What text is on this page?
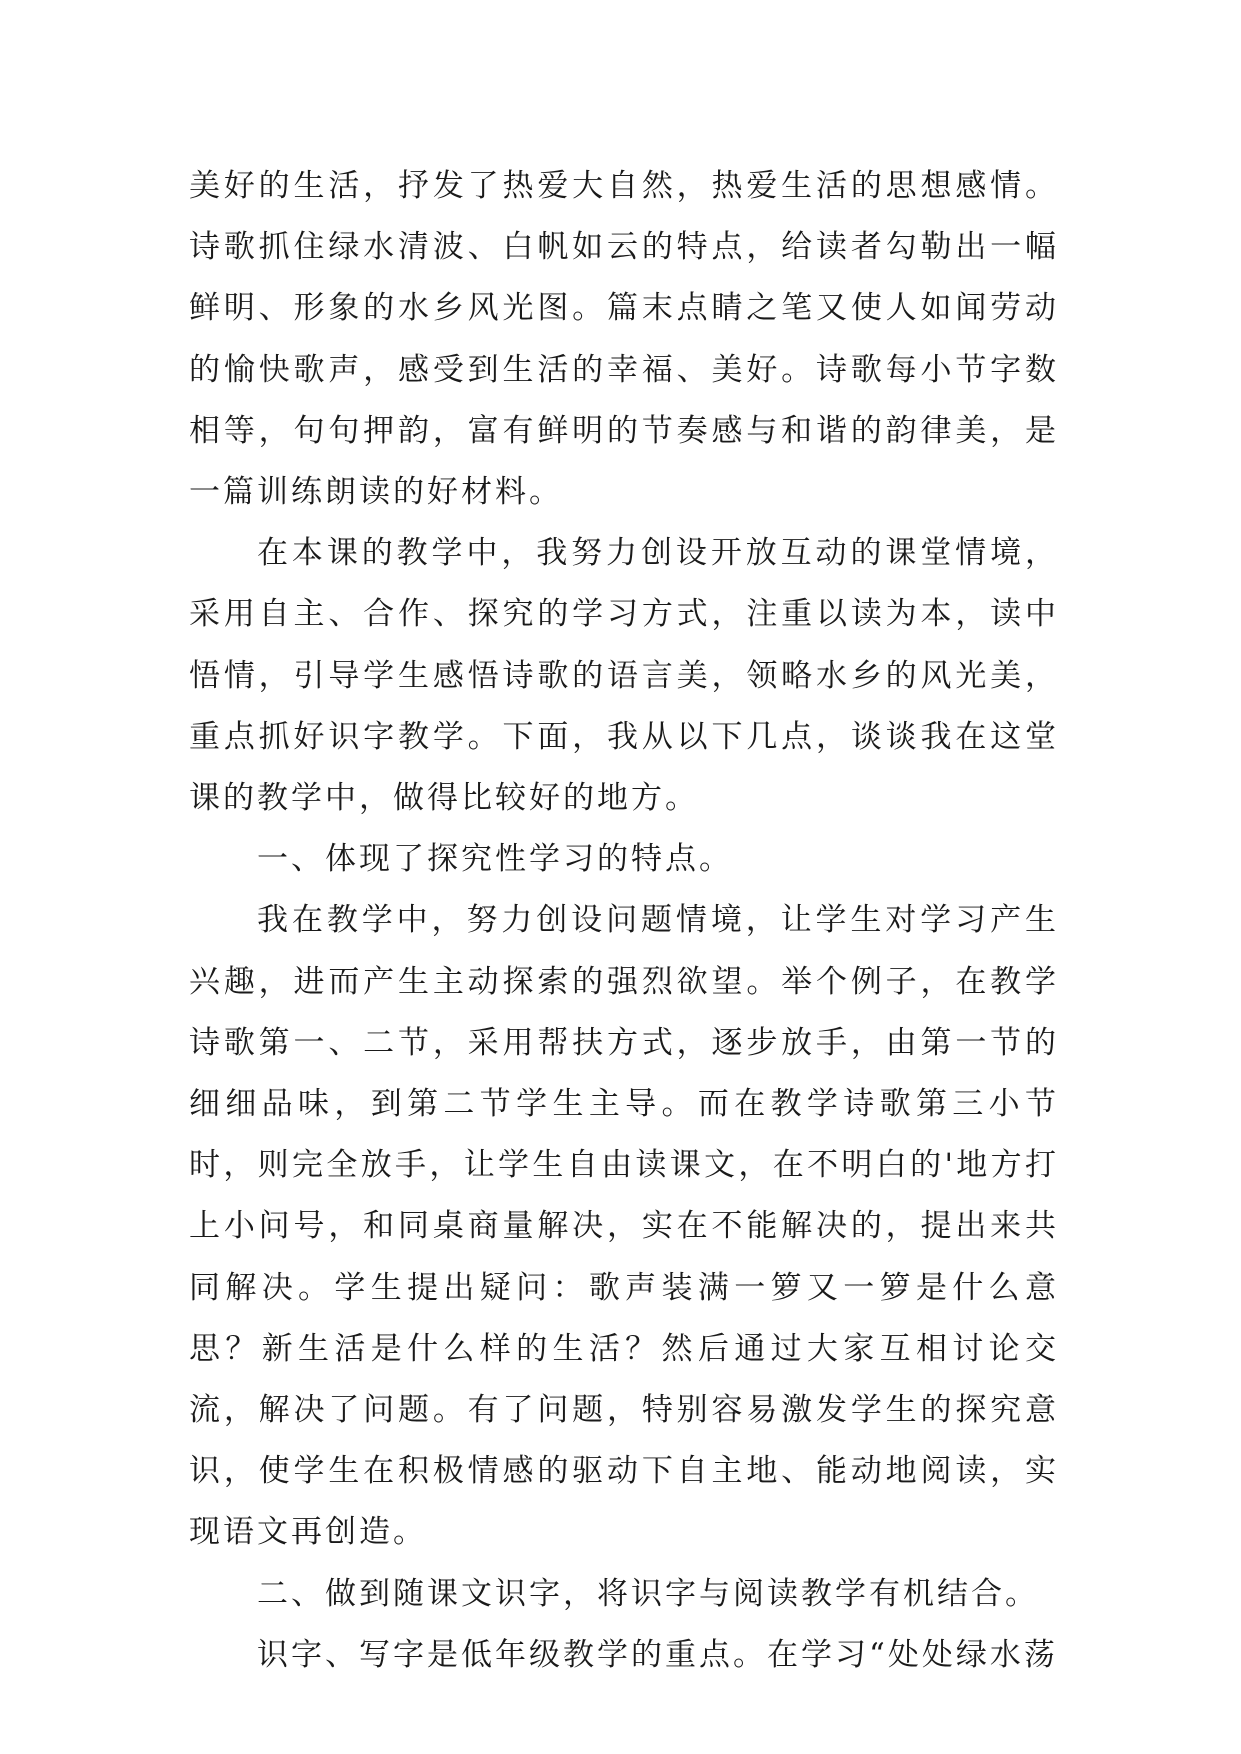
美好的生活，抒发了热爱大自然，热爱生活的思想感情。诗歌抓住绿水清波、白帆如云的特点，给读者勾勒出一幅鲜明、形象的水乡风光图。篇末点睛之笔又使人如闻劳动的愉快歌声，感受到生活的幸福、美好。诗歌每小节字数相等，句句押韵，富有鲜明的节奏感与和谐的韵律美，是一篇训练朗读的好材料。

在本课的教学中，我努力创设开放互动的课堂情境，采用自主、合作、探究的学习方式，注重以读为本，读中悟情，引导学生感悟诗歌的语言美，领略水乡的风光美，重点抓好识字教学。下面，我从以下几点，谈谈我在这堂课的教学中，做得比较好的地方。

一、体现了探究性学习的特点。

我在教学中，努力创设问题情境，让学生对学习产生兴趣，进而产生主动探索的强烈欲望。举个例子，在教学诗歌第一、二节，采用帮扶方式，逐步放手，由第一节的细细品味，到第二节学生主导。而在教学诗歌第三小节时，则完全放手，让学生自由读课文，在不明白的'地方打上小问号，和同桌商量解决，实在不能解决的，提出来共同解决。学生提出疑问：歌声装满一箩又一箩是什么意思？新生活是什么样的生活？然后通过大家互相讨论交流，解决了问题。有了问题，特别容易激发学生的探究意识，使学生在积极情感的驱动下自主地、能动地阅读，实现语文再创造。

二、做到随课文识字，将识字与阅读教学有机结合。

识字、写字是低年级教学的重点。在学习“处处绿水荡
